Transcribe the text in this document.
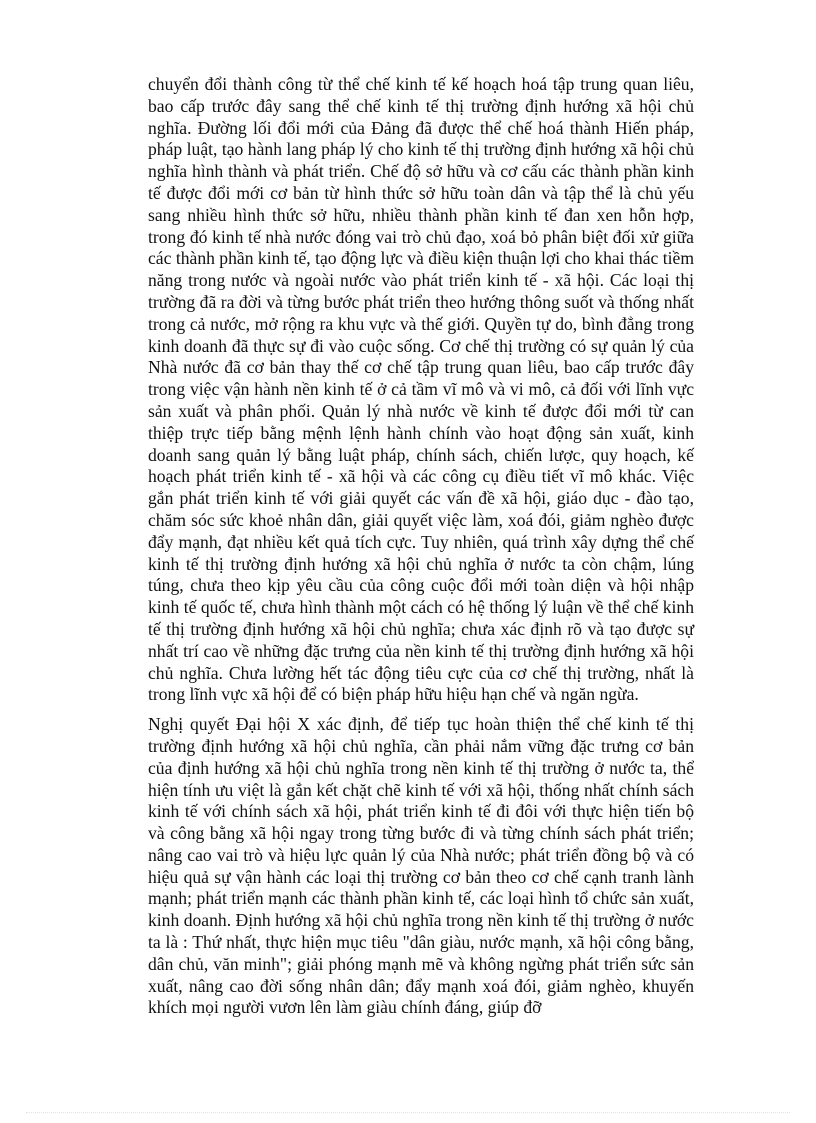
chuyển đổi thành công từ thể chế kinh tế kế hoạch hoá tập trung quan liêu, bao cấp trước đây sang thể chế kinh tế thị trường định hướng xã hội chủ nghĩa. Đường lối đổi mới của Đảng đã được thể chế hoá thành Hiến pháp, pháp luật, tạo hành lang pháp lý cho kinh tế thị trường định hướng xã hội chủ nghĩa hình thành và phát triển. Chế độ sở hữu và cơ cấu các thành phần kinh tế được đổi mới cơ bản từ hình thức sở hữu toàn dân và tập thể là chủ yếu sang nhiều hình thức sở hữu, nhiều thành phần kinh tế đan xen hỗn hợp, trong đó kinh tế nhà nước đóng vai trò chủ đạo, xoá bỏ phân biệt đối xử giữa các thành phần kinh tế, tạo động lực và điều kiện thuận lợi cho khai thác tiềm năng trong nước và ngoài nước vào phát triển kinh tế - xã hội. Các loại thị trường đã ra đời và từng bước phát triển theo hướng thông suốt và thống nhất trong cả nước, mở rộng ra khu vực và thế giới. Quyền tự do, bình đẳng trong kinh doanh đã thực sự đi vào cuộc sống. Cơ chế thị trường có sự quản lý của Nhà nước đã cơ bản thay thế cơ chế tập trung quan liêu, bao cấp trước đây trong việc vận hành nền kinh tế ở cả tầm vĩ mô và vi mô, cả đối với lĩnh vực sản xuất và phân phối. Quản lý nhà nước về kinh tế được đổi mới từ can thiệp trực tiếp bằng mệnh lệnh hành chính vào hoạt động sản xuất, kinh doanh sang quản lý bằng luật pháp, chính sách, chiến lược, quy hoạch, kế hoạch phát triển kinh tế - xã hội và các công cụ điều tiết vĩ mô khác. Việc gắn phát triển kinh tế với giải quyết các vấn đề xã hội, giáo dục - đào tạo, chăm sóc sức khoẻ nhân dân, giải quyết việc làm, xoá đói, giảm nghèo được đẩy mạnh, đạt nhiều kết quả tích cực. Tuy nhiên, quá trình xây dựng thể chế kinh tế thị trường định hướng xã hội chủ nghĩa ở nước ta còn chậm, lúng túng, chưa theo kịp yêu cầu của công cuộc đổi mới toàn diện và hội nhập kinh tế quốc tế, chưa hình thành một cách có hệ thống lý luận về thể chế kinh tế thị trường định hướng xã hội chủ nghĩa; chưa xác định rõ và tạo được sự nhất trí cao về những đặc trưng của nền kinh tế thị trường định hướng xã hội chủ nghĩa. Chưa lường hết tác động tiêu cực của cơ chế thị trường, nhất là trong lĩnh vực xã hội để có biện pháp hữu hiệu hạn chế và ngăn ngừa.

Nghị quyết Đại hội X xác định, để tiếp tục hoàn thiện thể chế kinh tế thị trường định hướng xã hội chủ nghĩa, cần phải nắm vững đặc trưng cơ bản của định hướng xã hội chủ nghĩa trong nền kinh tế thị trường ở nước ta, thể hiện tính ưu việt là gắn kết chặt chẽ kinh tế với xã hội, thống nhất chính sách kinh tế với chính sách xã hội, phát triển kinh tế đi đôi với thực hiện tiến bộ và công bằng xã hội ngay trong từng bước đi và từng chính sách phát triển; nâng cao vai trò và hiệu lực quản lý của Nhà nước; phát triển đồng bộ và có hiệu quả sự vận hành các loại thị trường cơ bản theo cơ chế cạnh tranh lành mạnh; phát triển mạnh các thành phần kinh tế, các loại hình tổ chức sản xuất, kinh doanh. Định hướng xã hội chủ nghĩa trong nền kinh tế thị trường ở nước ta là : Thứ nhất, thực hiện mục tiêu "dân giàu, nước mạnh, xã hội công bằng, dân chủ, văn minh"; giải phóng mạnh mẽ và không ngừng phát triển sức sản xuất, nâng cao đời sống nhân dân; đẩy mạnh xoá đói, giảm nghèo, khuyến khích mọi người vươn lên làm giàu chính đáng, giúp đỡ
